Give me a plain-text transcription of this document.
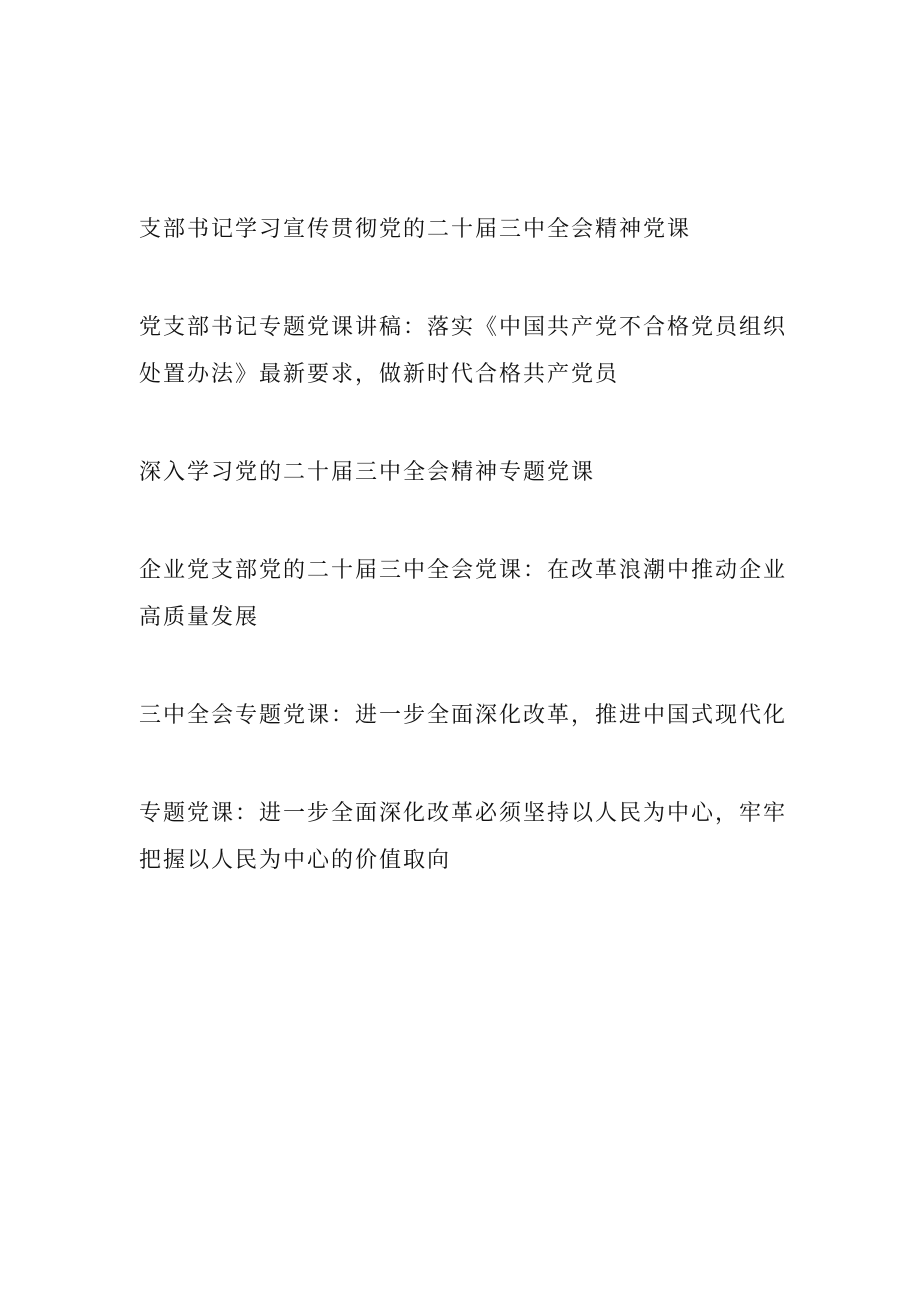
支部书记学习宣传贯彻党的二十届三中全会精神党课
党支部书记专题党课讲稿：落实《中国共产党不合格党员组织处置办法》最新要求，做新时代合格共产党员
深入学习党的二十届三中全会精神专题党课
企业党支部党的二十届三中全会党课：在改革浪潮中推动企业高质量发展
三中全会专题党课：进一步全面深化改革，推进中国式现代化
专题党课：进一步全面深化改革必须坚持以人民为中心，牢牢把握以人民为中心的价值取向
